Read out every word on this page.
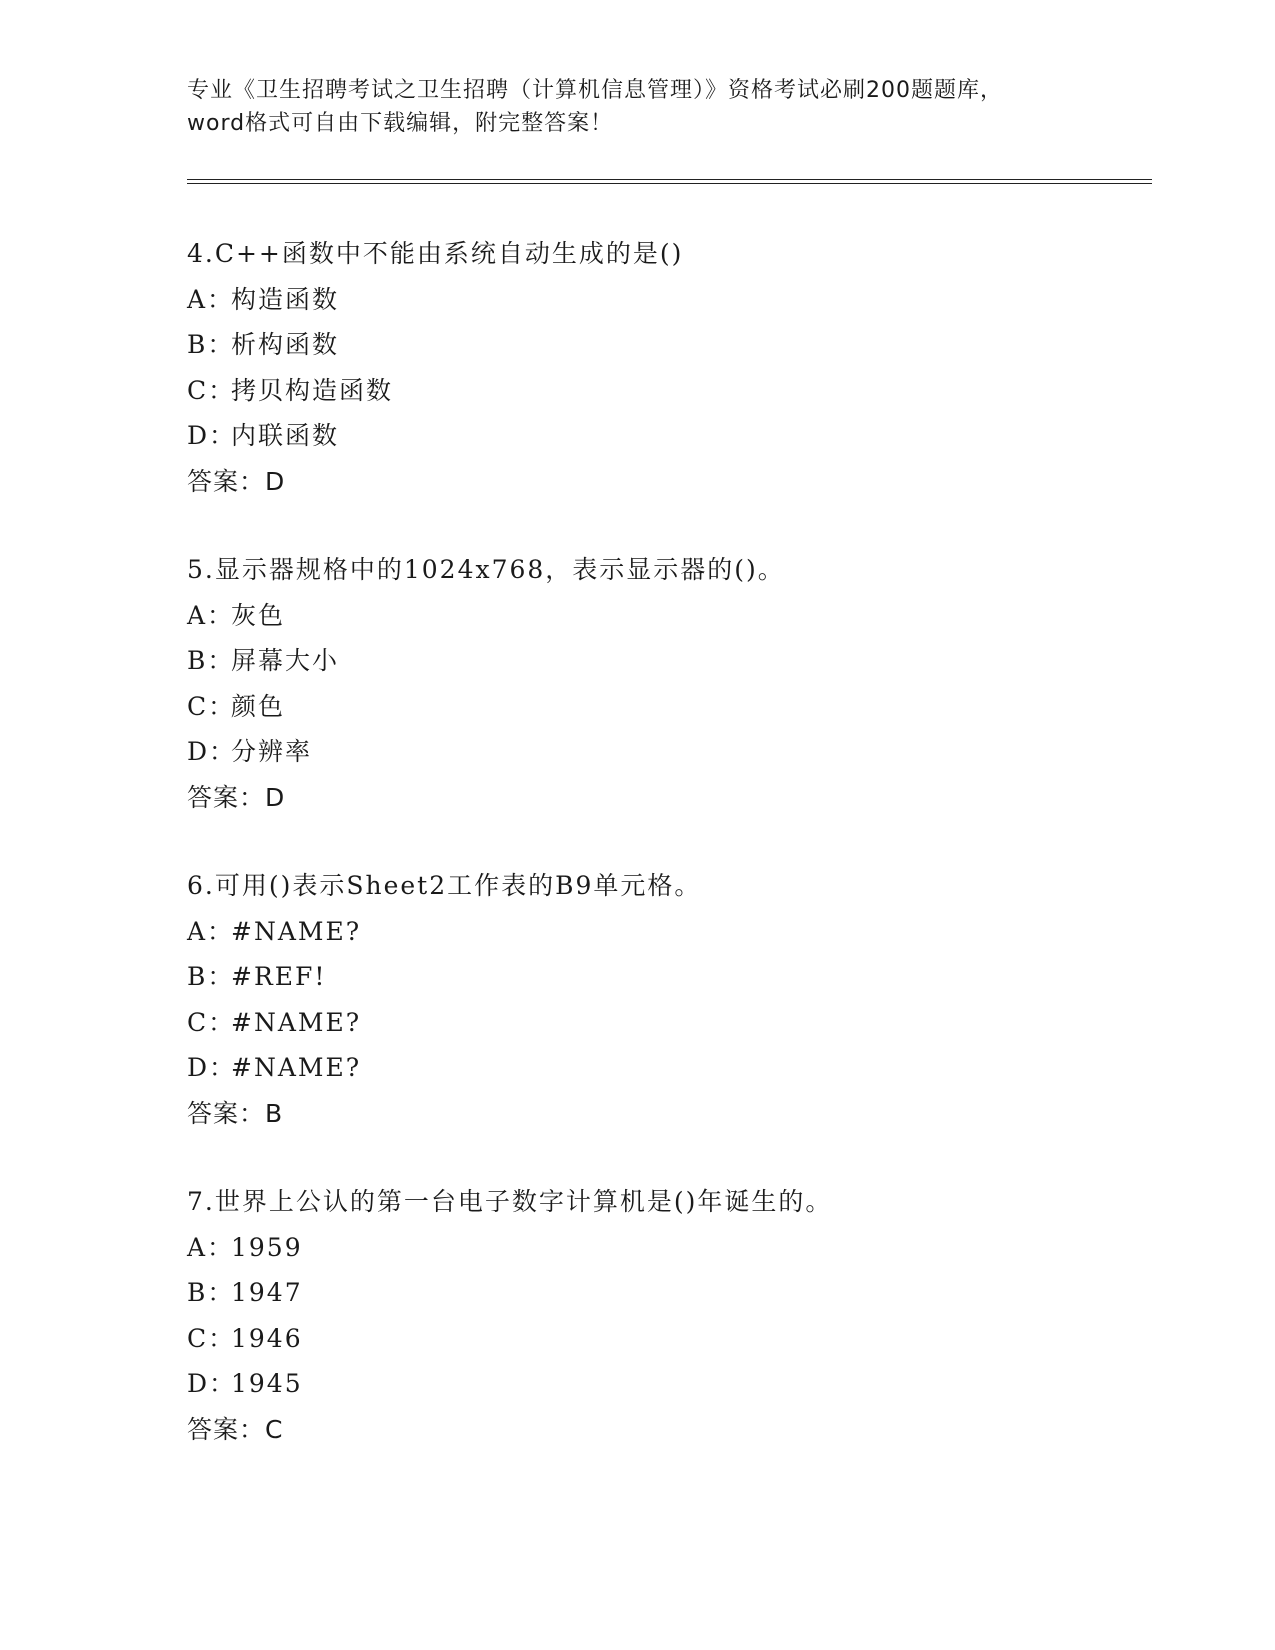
专业《卫生招聘考试之卫生招聘（计算机信息管理）》资格考试必刷200题题库，
word格式可自由下载编辑，附完整答案！
4.C++函数中不能由系统自动生成的是()
A：构造函数
B：析构函数
C：拷贝构造函数
D：内联函数
答案：D
5.显示器规格中的1024x768，表示显示器的()。
A：灰色
B：屏幕大小
C：颜色
D：分辨率
答案：D
6.可用()表示Sheet2工作表的B9单元格。
A：#NAME?
B：#REF!
C：#NAME?
D：#NAME?
答案：B
7.世界上公认的第一台电子数字计算机是()年诞生的。
A：1959
B：1947
C：1946
D：1945
答案：C
